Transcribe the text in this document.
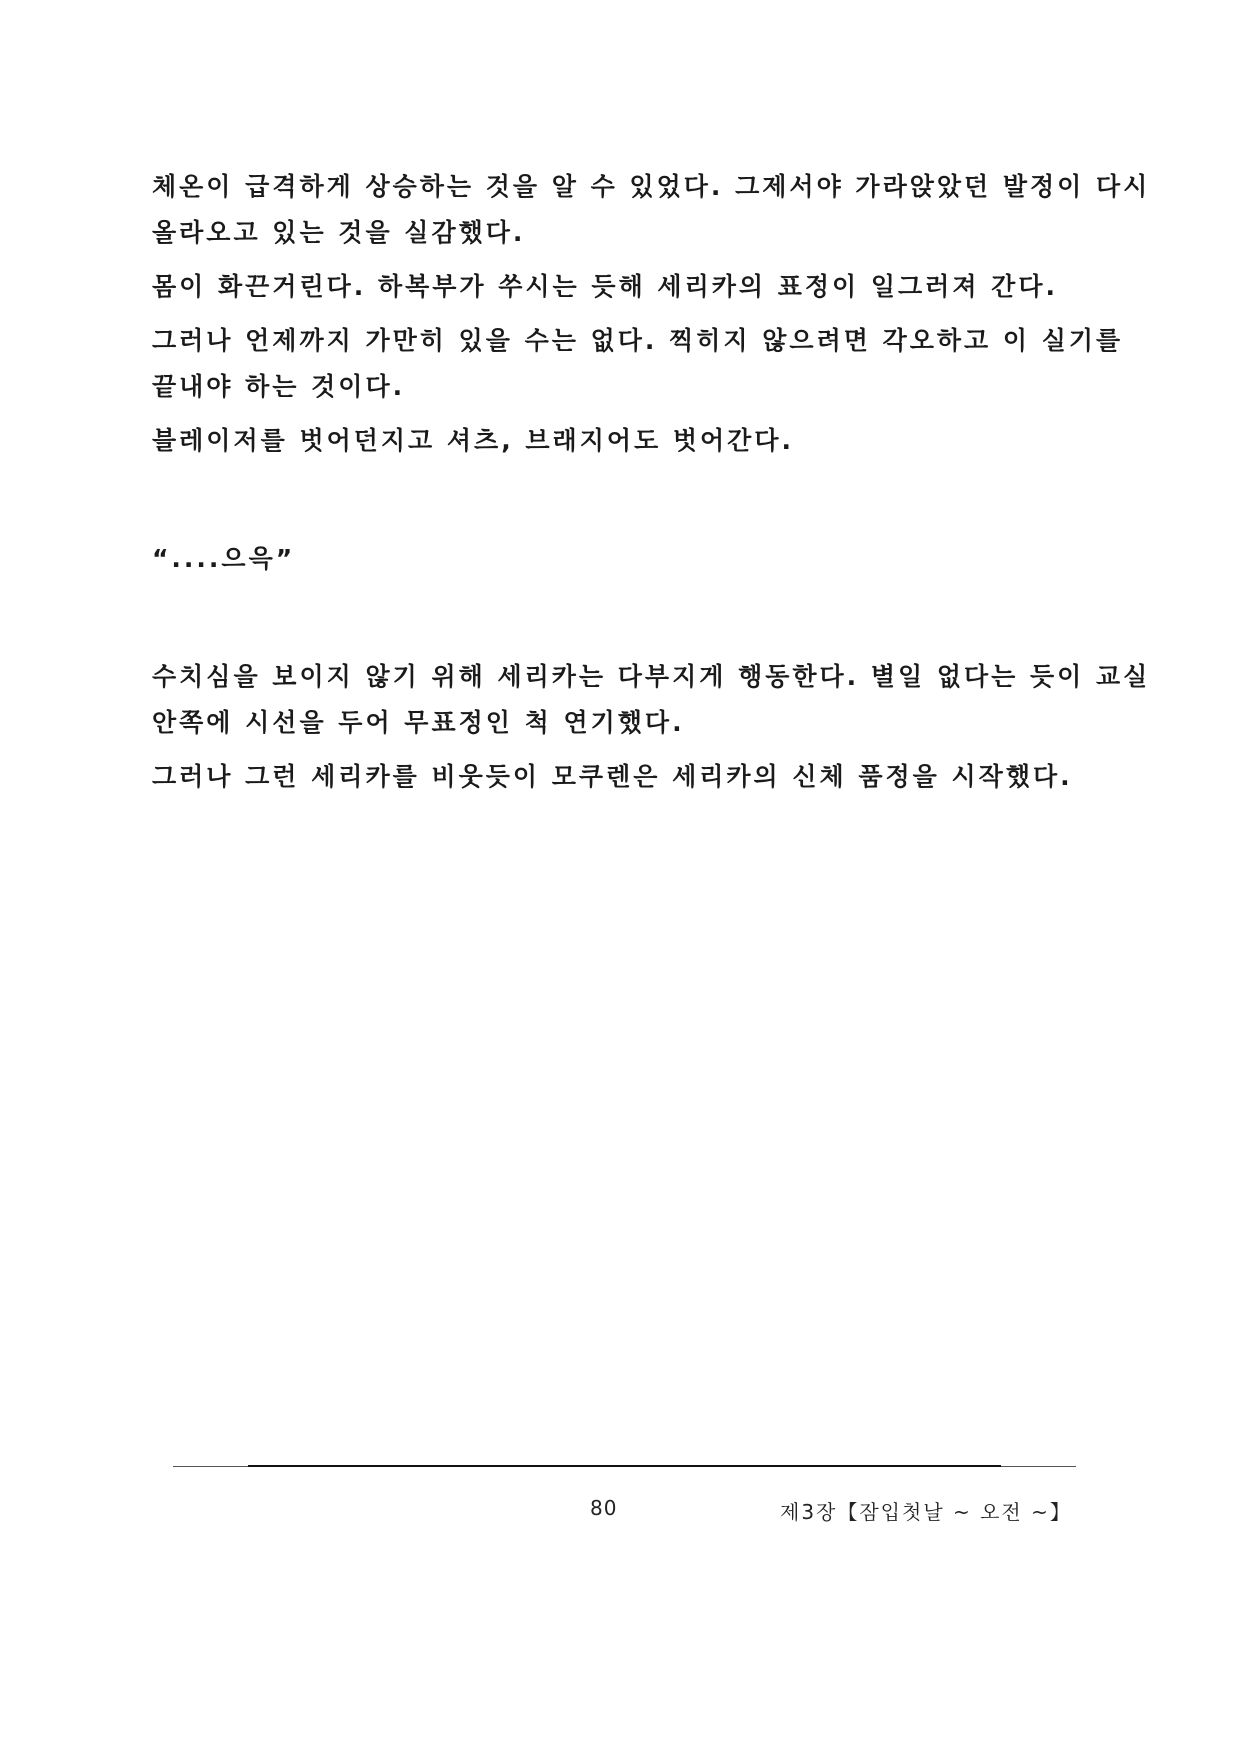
체온이 급격하게 상승하는 것을 알 수 있었다. 그제서야 가라앉았던 발정이 다시
올라오고 있는 것을 실감했다.

몸이 화끈거린다. 하복부가 쑤시는 듯해 세리카의 표정이 일그러져 간다.

그러나 언제까지 가만히 있을 수는 없다. 찍히지 않으려면 각오하고 이 실기를
끝내야 하는 것이다.

블레이저를 벗어던지고 셔츠, 브래지어도 벗어간다.

“....으윽”

수치심을 보이지 않기 위해 세리카는 다부지게 행동한다. 별일 없다는 듯이 교실
안쪽에 시선을 두어 무표정인 척 연기했다.

그러나 그런 세리카를 비웃듯이 모쿠렌은 세리카의 신체 품정을 시작했다.

80	제3장【잠입첫날 ~ 오전 ~】
